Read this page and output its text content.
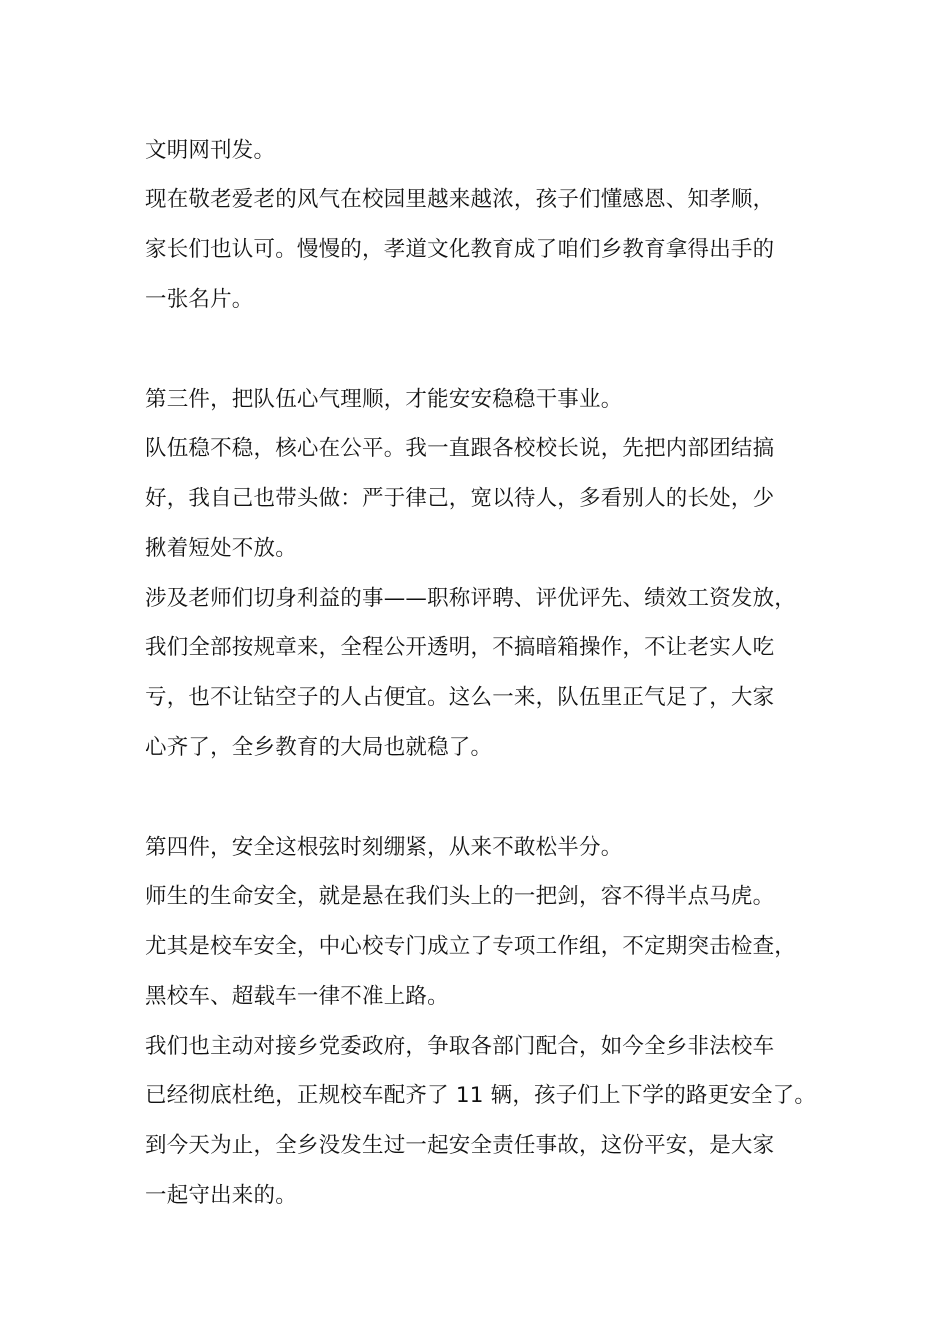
文明网刊发。
现在敬老爱老的风气在校园里越来越浓，孩子们懂感恩、知孝顺，
家长们也认可。慢慢的，孝道文化教育成了咱们乡教育拿得出手的
一张名片。
第三件，把队伍心气理顺，才能安安稳稳干事业。
队伍稳不稳，核心在公平。我一直跟各校校长说，先把内部团结搞
好，我自己也带头做：严于律己，宽以待人，多看别人的长处，少
揪着短处不放。
涉及老师们切身利益的事——职称评聘、评优评先、绩效工资发放，
我们全部按规章来，全程公开透明，不搞暗箱操作，不让老实人吃
亏，也不让钻空子的人占便宜。这么一来，队伍里正气足了，大家
心齐了，全乡教育的大局也就稳了。
第四件，安全这根弦时刻绷紧，从来不敢松半分。
师生的生命安全，就是悬在我们头上的一把剑，容不得半点马虎。
尤其是校车安全，中心校专门成立了专项工作组，不定期突击检查，
黑校车、超载车一律不准上路。
我们也主动对接乡党委政府，争取各部门配合，如今全乡非法校车
已经彻底杜绝，正规校车配齐了 11 辆，孩子们上下学的路更安全了。
到今天为止，全乡没发生过一起安全责任事故，这份平安，是大家
一起守出来的。
